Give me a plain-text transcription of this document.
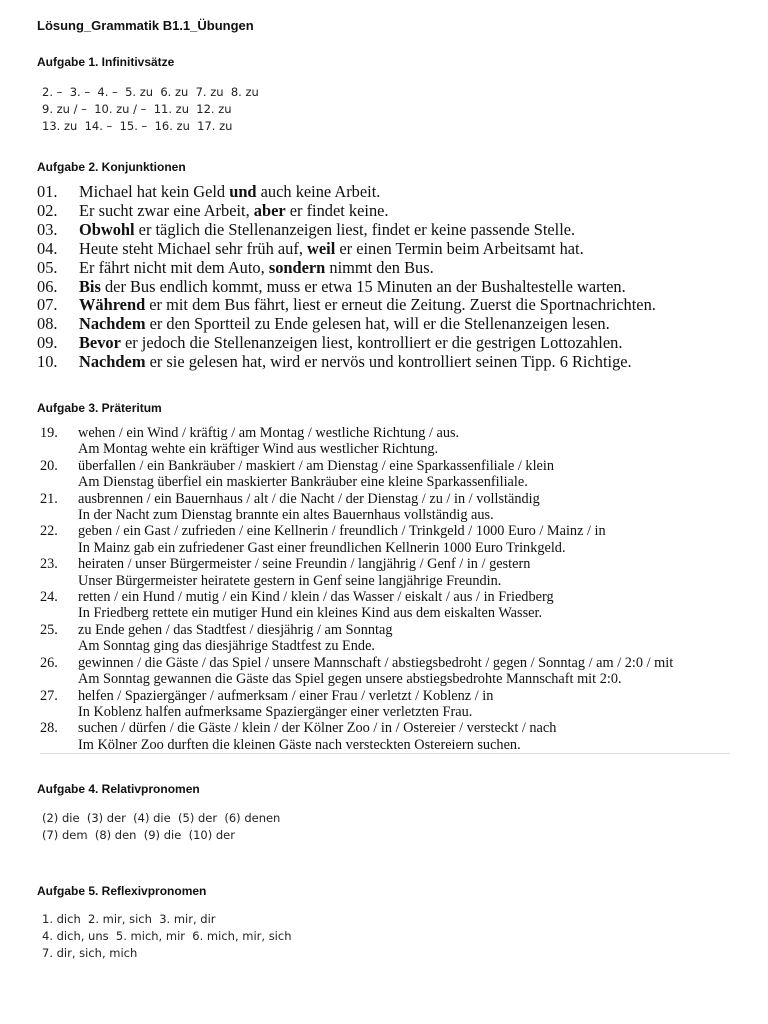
Lösung_Grammatik B1.1_Übungen
Aufgabe 1. Infinitivsätze
2. –  3. –  4. –  5. zu  6. zu  7. zu  8. zu
9. zu / –  10. zu / –  11. zu  12. zu
13. zu  14. –  15. –  16. zu  17. zu
Aufgabe 2. Konjunktionen
01.	Michael hat kein Geld und auch keine Arbeit.
02.	Er sucht zwar eine Arbeit, aber er findet keine.
03.	Obwohl er täglich die Stellenanzeigen liest, findet er keine passende Stelle.
04.	Heute steht Michael sehr früh auf, weil er einen Termin beim Arbeitsamt hat.
05.	Er fährt nicht mit dem Auto, sondern nimmt den Bus.
06.	Bis der Bus endlich kommt, muss er etwa 15 Minuten an der Bushaltestelle warten.
07.	Während er mit dem Bus fährt, liest er erneut die Zeitung. Zuerst die Sportnachrichten.
08.	Nachdem er den Sportteil zu Ende gelesen hat, will er die Stellenanzeigen lesen.
09.	Bevor er jedoch die Stellenanzeigen liest, kontrolliert er die gestrigen Lottozahlen.
10.	Nachdem er sie gelesen hat, wird er nervös und kontrolliert seinen Tipp. 6 Richtige.
Aufgabe 3. Präteritum
19.	wehen / ein Wind / kräftig / am Montag / westliche Richtung / aus.
Am Montag wehte ein kräftiger Wind aus westlicher Richtung.
20.	überfallen / ein Bankräuber / maskiert / am Dienstag / eine Sparkassenfiliale / klein
Am Dienstag überfiel ein maskierter Bankräuber eine kleine Sparkassenfiliale.
21.	ausbrennen / ein Bauernhaus / alt / die Nacht / der Dienstag / zu / in / vollständig
In der Nacht zum Dienstag brannte ein altes Bauernhaus vollständig aus.
22.	geben / ein Gast / zufrieden / eine Kellnerin / freundlich / Trinkgeld / 1000 Euro / Mainz / in
In Mainz gab ein zufriedener Gast einer freundlichen Kellnerin 1000 Euro Trinkgeld.
23.	heiraten / unser Bürgermeister / seine Freundin / langjährig / Genf / in / gestern
Unser Bürgermeister heiratete gestern in Genf seine langjährige Freundin.
24.	retten / ein Hund / mutig / ein Kind / klein / das Wasser / eiskalt / aus / in Friedberg
In Friedberg rettete ein mutiger Hund ein kleines Kind aus dem eiskalten Wasser.
25.	zu Ende gehen / das Stadtfest / diesjährig / am Sonntag
Am Sonntag ging das diesjährige Stadtfest zu Ende.
26.	gewinnen / die Gäste / das Spiel / unsere Mannschaft / abstiegsbedroht / gegen / Sonntag / am / 2:0 / mit
Am Sonntag gewannen die Gäste das Spiel gegen unsere abstiegsbedrohte Mannschaft mit 2:0.
27.	helfen / Spaziergänger / aufmerksam / einer Frau / verletzt / Koblenz / in
In Koblenz halfen aufmerksame Spaziergänger einer verletzten Frau.
28.	suchen / dürfen / die Gäste / klein / der Kölner Zoo / in / Ostereier / versteckt / nach
Im Kölner Zoo durften die kleinen Gäste nach versteckten Ostereiern suchen.
Aufgabe 4. Relativpronomen
(2) die  (3) der  (4) die  (5) der  (6) denen
(7) dem  (8) den  (9) die  (10) der
Aufgabe 5. Reflexivpronomen
1. dich  2. mir, sich  3. mir, dir
4. dich, uns  5. mich, mir  6. mich, mir, sich
7. dir, sich, mich
